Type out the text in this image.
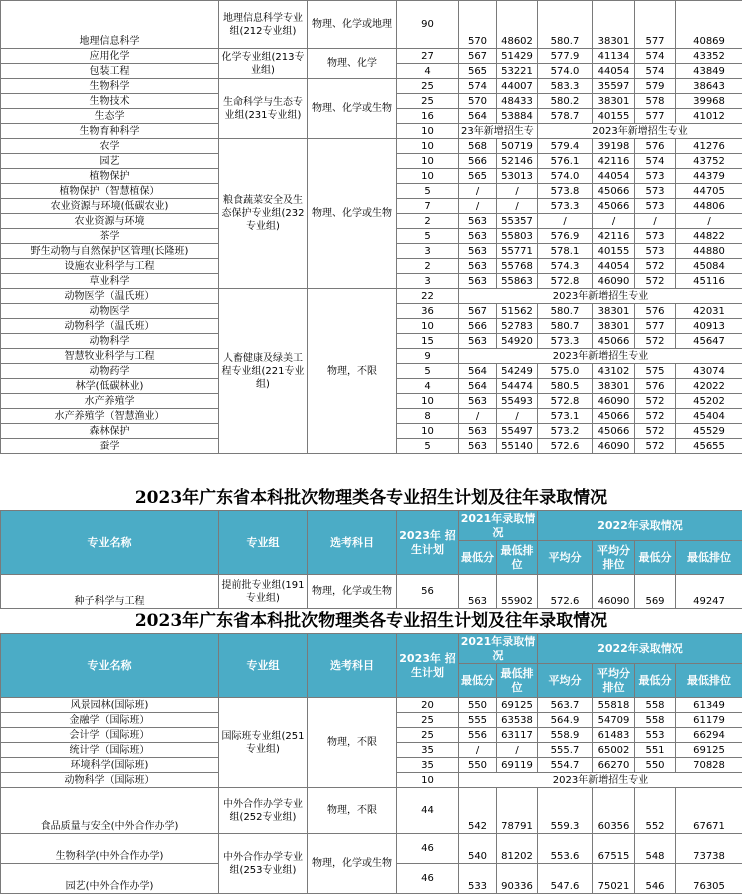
地理信息科学	地理信息科学专业组(212专业组)	物理、化学或地理	90	570	48602	580.7	38301	577	40869
应用化学	化学专业组(213专业组)	物理、化学	27	567	51429	577.9	41134	574	43352
包装工程			4	565	53221	574.0	44054	574	43849
生物科学	生命科学与生态专业组(231专业组)	物理、化学或生物	25	574	44007	583.3	35597	579	38643
生物技术			25	570	48433	580.2	38301	578	39968
生态学			16	564	53884	578.7	40155	577	41012
生物育种科学			10	23年新增招生专		2023年新增招生专业			
农学	粮食蔬菜安全及生态保护专业组(232专业组)	物理、化学或生物	10	568	50719	579.4	39198	576	41276
园艺			10	566	52146	576.1	42116	574	43752
植物保护			10	565	53013	574.0	44054	573	44379
植物保护（智慧植保）			5	/	/	573.8	45066	573	44705
农业资源与环境(低碳农业)			7	/	/	573.3	45066	573	44806
农业资源与环境			2	563	55357	/	/	/	/
茶学			5	563	55803	576.9	42116	573	44822
野生动物与自然保护区管理(长隆班)			3	563	55771	578.1	40155	573	44880
设施农业科学与工程			2	563	55768	574.3	44054	572	45084
草业科学			3	563	55863	572.8	46090	572	45116
动物医学（温氏班）	人畜健康及绿美工程专业组(221专业组)	物理，不限	22	2023年新增招生专业					
动物医学			36	567	51562	580.7	38301	576	42031
动物科学（温氏班）			10	566	52783	580.7	38301	577	40913
动物科学			15	563	54920	573.3	45066	572	45647
智慧牧业科学与工程			9	2023年新增招生专业					
动物药学			5	564	54249	575.0	43102	575	43074
林学(低碳林业)			4	564	54474	580.5	38301	576	42022
水产养殖学			10	563	55493	572.8	46090	572	45202
水产养殖学（智慧渔业）			8	/	/	573.1	45066	572	45404
森林保护			10	563	55497	573.2	45066	572	45529
蚕学			5	563	55140	572.6	46090	572	45655
2023年广东省本科批次物理类各专业招生计划及往年录取情况
专业名称	专业组	选考科目	2023年 招生计划	2021年录取情况		2022年录取情况			
				最低分	最低排位	平均分	平均分排位	最低分	最低排位
种子科学与工程	提前批专业组(191专业组)	物理，化学或生物	56	563	55902	572.6	46090	569	49247
2023年广东省本科批次物理类各专业招生计划及往年录取情况
专业名称	专业组	选考科目	2023年 招生计划	2021年录取情况		2022年录取情况			
				最低分	最低排位	平均分	平均分排位	最低分	最低排位
风景园林(国际班)	国际班专业组(251专业组)	物理，不限	20	550	69125	563.7	55818	558	61349
金融学（国际班）			25	555	63538	564.9	54709	558	61179
会计学（国际班）			25	556	63117	558.9	61483	553	66294
统计学（国际班）			35	/	/	555.7	65002	551	69125
环境科学(国际班)			35	550	69119	554.7	66270	550	70828
动物科学（国际班）			10	2023年新增招生专业					
食品质量与安全(中外合作办学)	中外合作办学专业组(252专业组)	物理，不限	44	542	78791	559.3	60356	552	67671
生物科学(中外合作办学)	中外合作办学专业组(253专业组)	物理，化学或生物	46	540	81202	553.6	67515	548	73738
园艺(中外合作办学)			46	533	90336	547.6	75021	546	76305
